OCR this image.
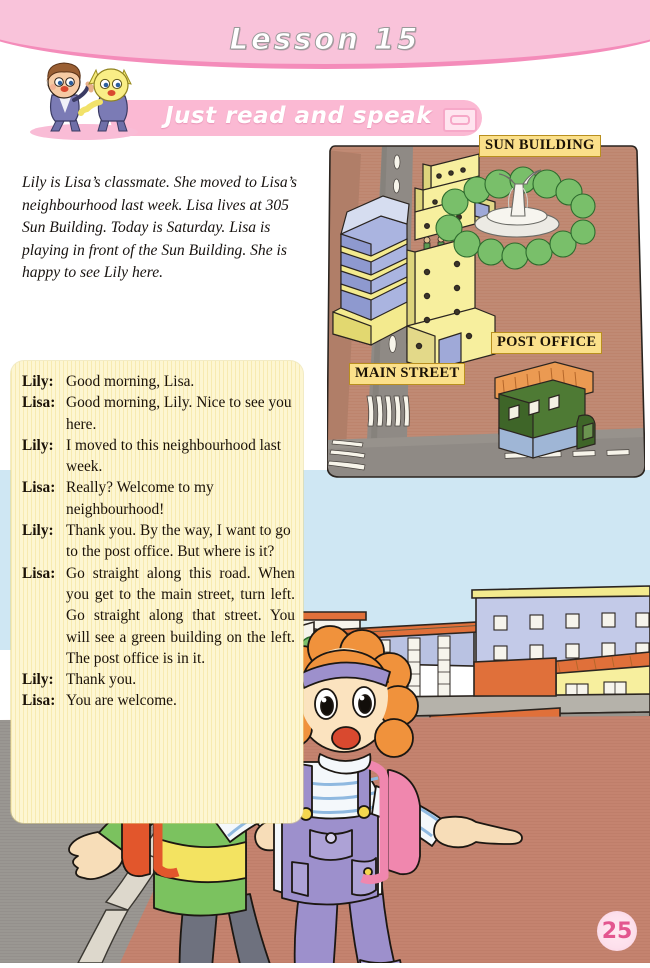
Lesson 15
Just read and speak
Lily is Lisa’s classmate. She moved to Lisa’s neighbourhood last week. Lisa lives at 305 Sun Building. Today is Saturday. Lisa is playing in front of the Sun Building. She is happy to see Lily here.
SUN BUILDING
POST OFFICE
MAIN STREET
Lily: Good morning, Lisa.
Lisa: Good morning, Lily. Nice to see you here.
Lily: I moved to this neighbourhood last week.
Lisa: Really? Welcome to my neighbourhood!
Lily: Thank you. By the way, I want to go to the post office. But where is it?
Lisa: Go straight along this road. When you get to the main street, turn left. Go straight along that street. You will see a green building on the left. The post office is in it.
Lily: Thank you.
Lisa: You are welcome.
25
